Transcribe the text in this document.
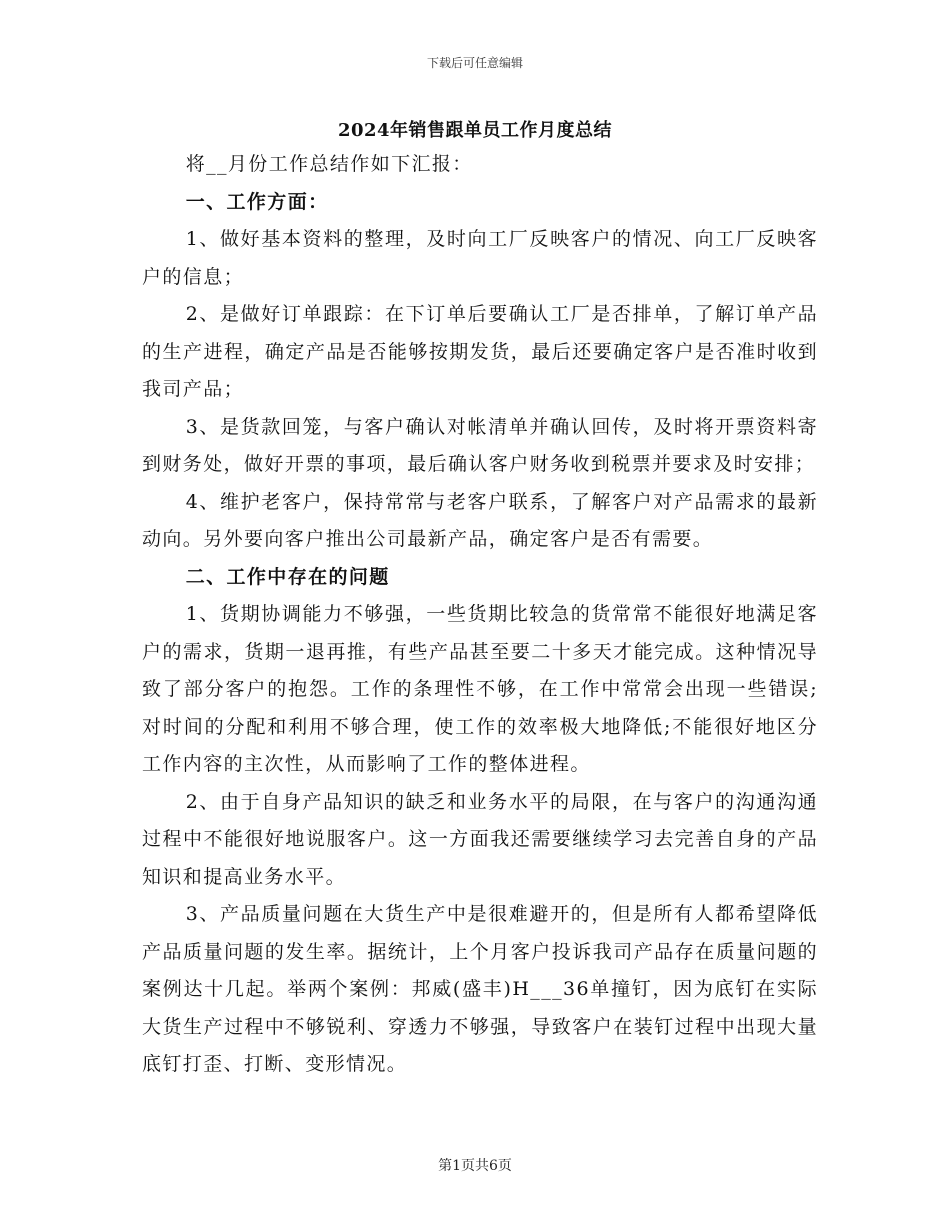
下载后可任意编辑
2024年销售跟单员工作月度总结

将__月份工作总结作如下汇报：

一、工作方面：

1、做好基本资料的整理，及时向工厂反映客户的情况、向工厂反映客户的信息；

2、是做好订单跟踪：在下订单后要确认工厂是否排单，了解订单产品的生产进程，确定产品是否能够按期发货，最后还要确定客户是否准时收到我司产品；

3、是货款回笼，与客户确认对帐清单并确认回传，及时将开票资料寄到财务处，做好开票的事项，最后确认客户财务收到税票并要求及时安排；

4、维护老客户，保持常常与老客户联系，了解客户对产品需求的最新动向。另外要向客户推出公司最新产品，确定客户是否有需要。

二、工作中存在的问题

1、货期协调能力不够强，一些货期比较急的货常常不能很好地满足客户的需求，货期一退再推，有些产品甚至要二十多天才能完成。这种情况导致了部分客户的抱怨。工作的条理性不够，在工作中常常会出现一些错误;对时间的分配和利用不够合理，使工作的效率极大地降低;不能很好地区分工作内容的主次性，从而影响了工作的整体进程。

2、由于自身产品知识的缺乏和业务水平的局限，在与客户的沟通沟通过程中不能很好地说服客户。这一方面我还需要继续学习去完善自身的产品知识和提高业务水平。

3、产品质量问题在大货生产中是很难避开的，但是所有人都希望降低产品质量问题的发生率。据统计，上个月客户投诉我司产品存在质量问题的案例达十几起。举两个案例：邦威(盛丰)H___36单撞钉，因为底钉在实际大货生产过程中不够锐利、穿透力不够强，导致客户在装钉过程中出现大量底钉打歪、打断、变形情况。

第1页共6页
